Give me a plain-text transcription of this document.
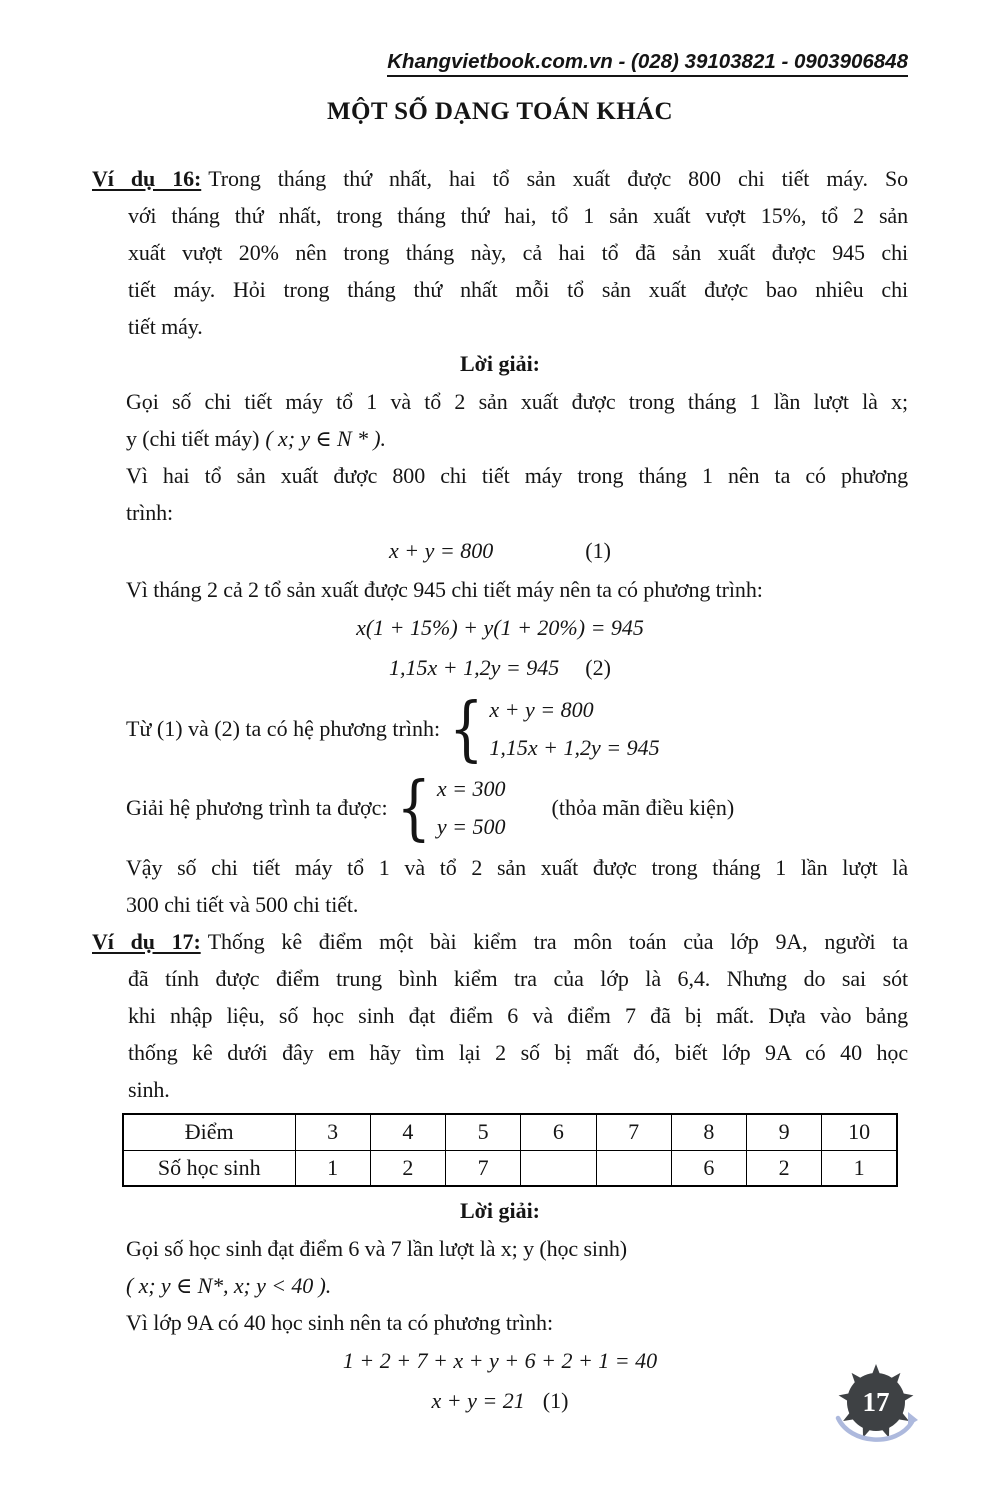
Khangvietbook.com.vn - (028) 39103821 - 0903906848
MỘT SỐ DẠNG TOÁN KHÁC
Ví dụ 16: Trong tháng thứ nhất, hai tổ sản xuất được 800 chi tiết máy. So
với tháng thứ nhất, trong tháng thứ hai, tổ 1 sản xuất vượt 15%, tổ 2 sản
xuất vượt 20% nên trong tháng này, cả hai tổ đã sản xuất được 945 chi
tiết máy. Hỏi trong tháng thứ nhất mỗi tổ sản xuất được bao nhiêu chi
tiết máy.
Lời giải:
Gọi số chi tiết máy tổ 1 và tổ 2 sản xuất được trong tháng 1 lần lượt là x;
y (chi tiết máy) ( x; y ∈ N * ).
Vì hai tổ sản xuất được 800 chi tiết máy trong tháng 1 nên ta có phương
trình:
x + y = 800	(1)
Vì tháng 2 cả 2 tổ sản xuất được 945 chi tiết máy nên ta có phương trình:
x(1 + 15%) + y(1 + 20%) = 945
1,15x + 1,2y = 945 (2)
Từ (1) và (2) ta có hệ phương trình: { x + y = 800
1,15x + 1,2y = 945
Giải hệ phương trình ta được: { x = 300
y = 500
(thỏa mãn điều kiện)
Vậy số chi tiết máy tổ 1 và tổ 2 sản xuất được trong tháng 1 lần lượt là
300 chi tiết và 500 chi tiết.
Ví dụ 17: Thống kê điểm một bài kiểm tra môn toán của lớp 9A, người ta
đã tính được điểm trung bình kiểm tra của lớp là 6,4. Nhưng do sai sót
khi nhập liệu, số học sinh đạt điểm 6 và điểm 7 đã bị mất. Dựa vào bảng
thống kê dưới đây em hãy tìm lại 2 số bị mất đó, biết lớp 9A có 40 học
sinh.
Điểm	3	4	5	6	7	8	9	10
Số học sinh	1	2	7			6	2	1
Lời giải:
Gọi số học sinh đạt điểm 6 và 7 lần lượt là x; y (học sinh)
( x; y ∈ N*, x; y < 40 ).
Vì lớp 9A có 40 học sinh nên ta có phương trình:
1 + 2 + 7 + x + y + 6 + 2 + 1 = 40
x + y = 21 (1)	17
